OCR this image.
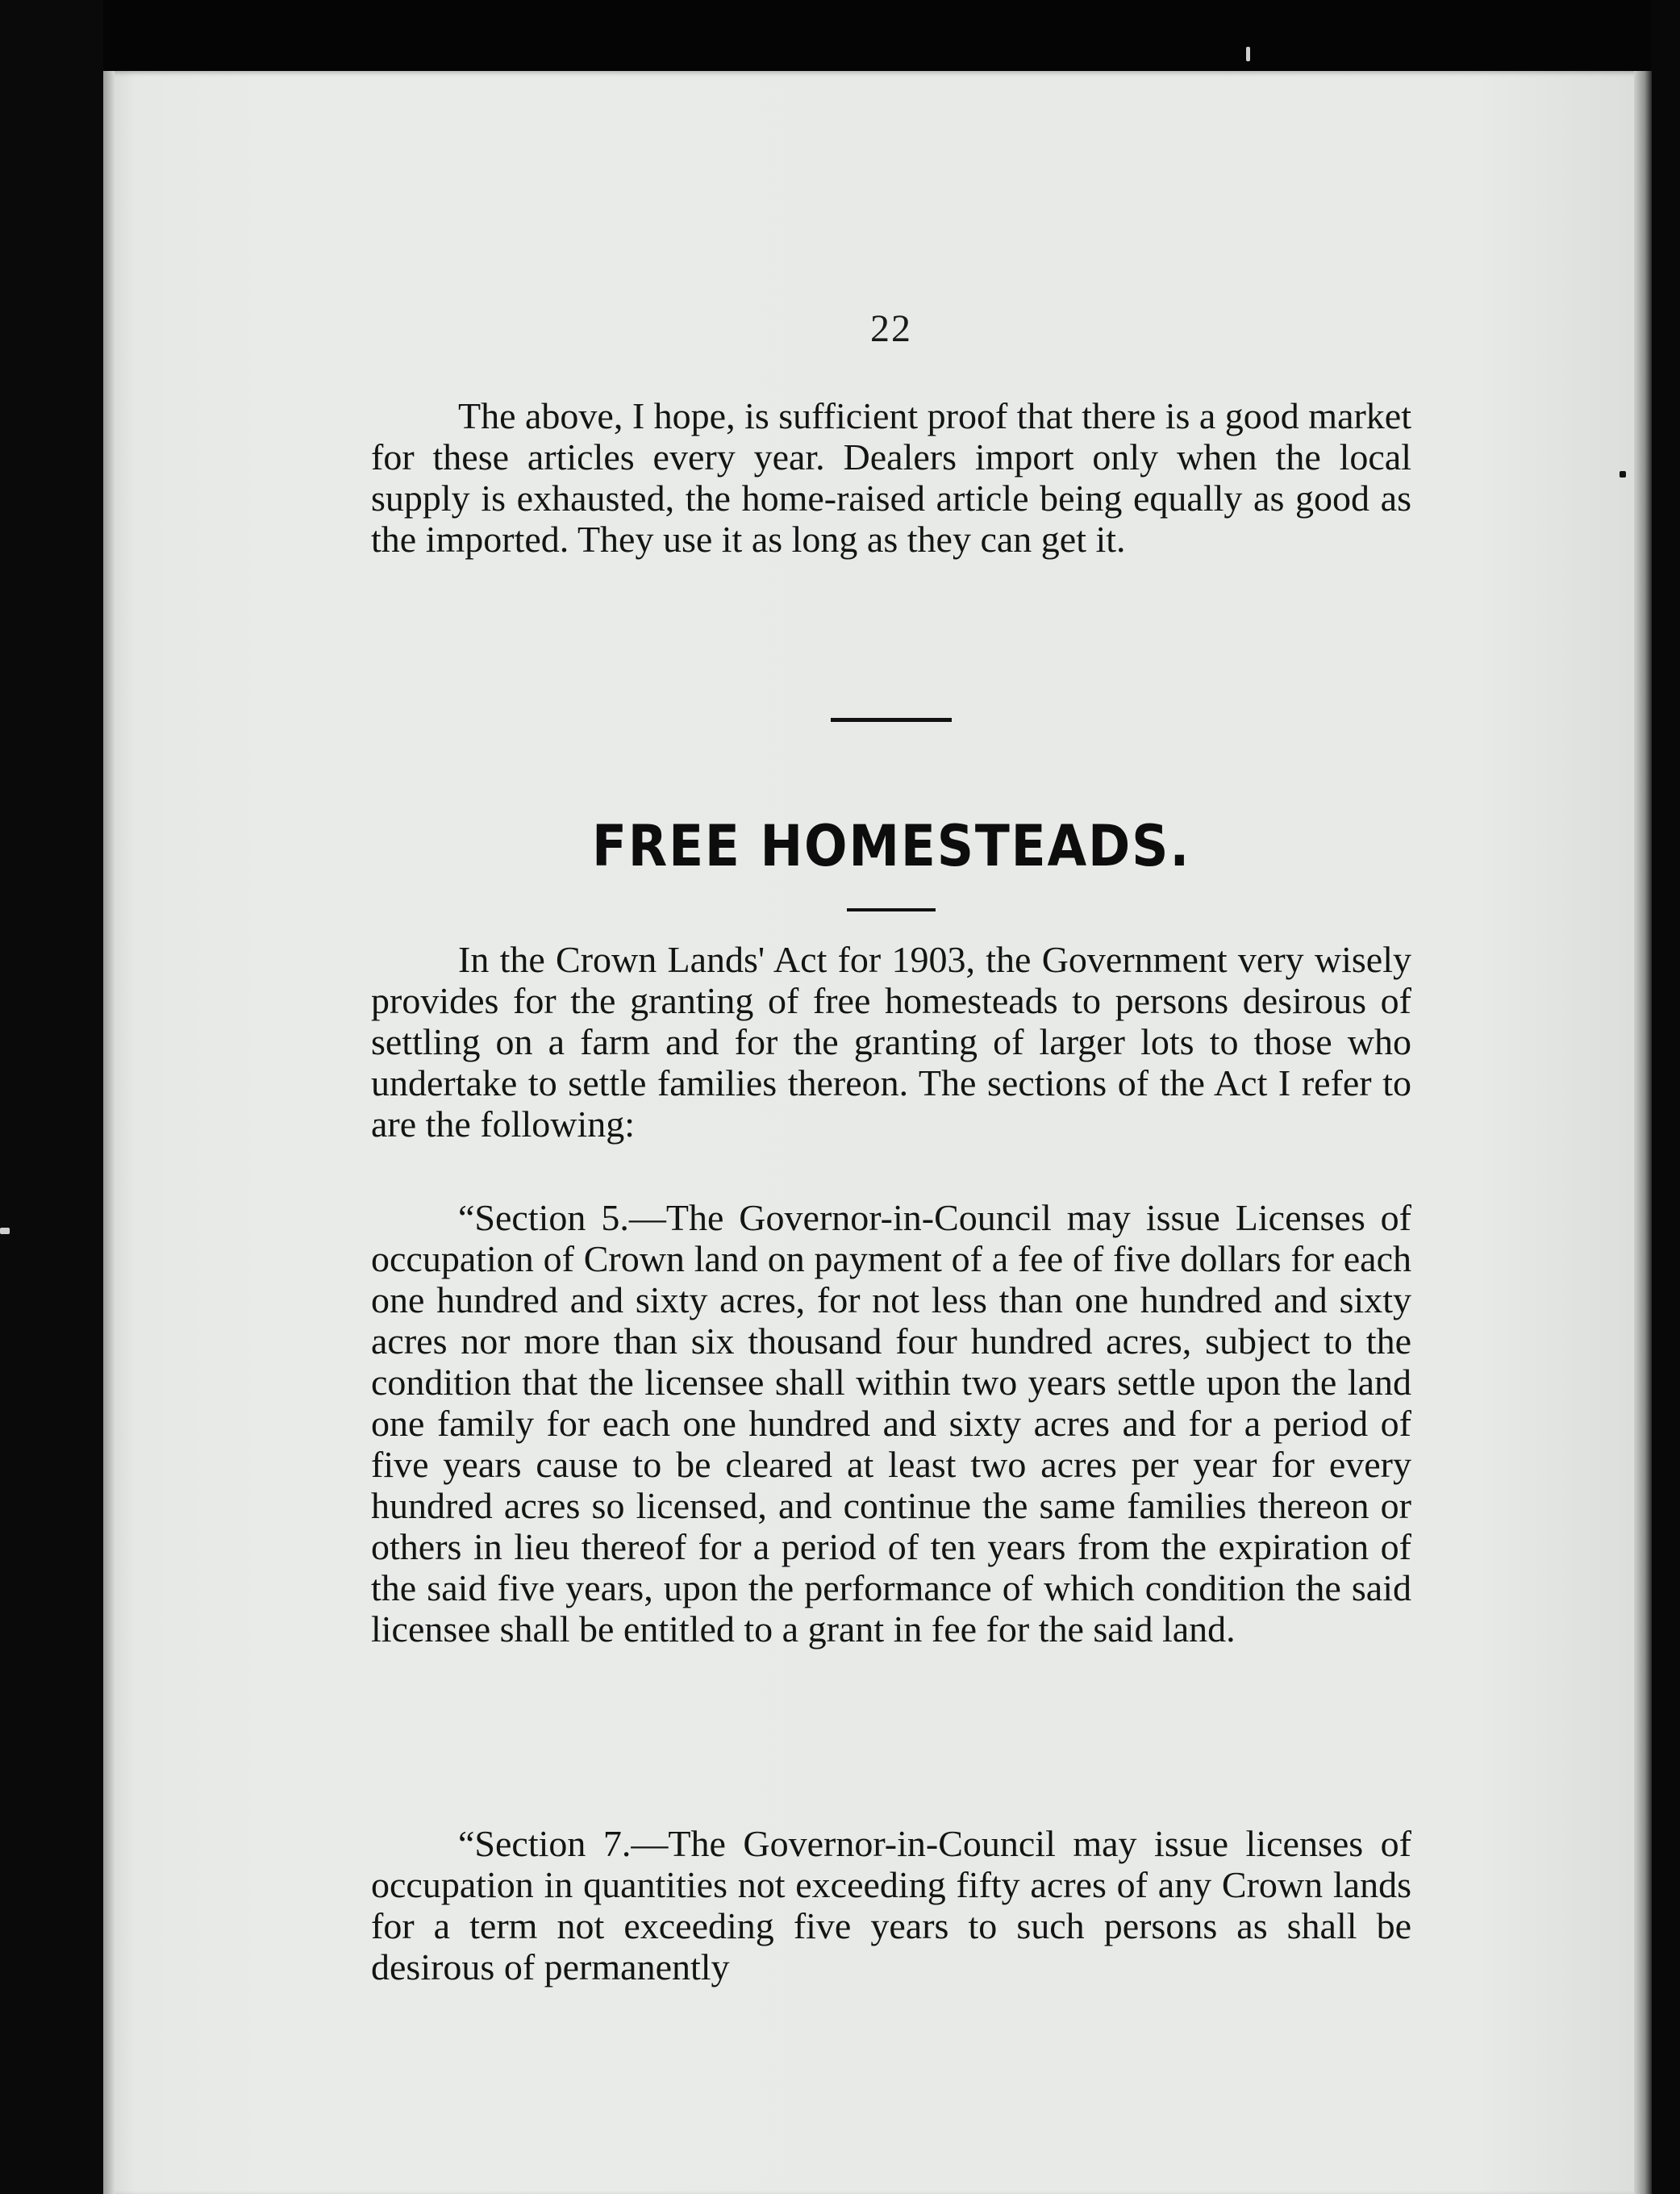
22

The above, I hope, is sufficient proof that there is a good market for these articles every year. Dealers import only when the local supply is exhausted, the home-raised article being equally as good as the imported. They use it as long as they can get it.

FREE HOMESTEADS.

In the Crown Lands' Act for 1903, the Government very wisely provides for the granting of free homesteads to persons desirous of settling on a farm and for the granting of larger lots to those who undertake to settle families thereon. The sections of the Act I refer to are the following:

“Section 5.—The Governor-in-Council may issue Licenses of occupation of Crown land on payment of a fee of five dollars for each one hundred and sixty acres, for not less than one hundred and sixty acres nor more than six thousand four hundred acres, subject to the condition that the licensee shall within two years settle upon the land one family for each one hundred and sixty acres and for a period of five years cause to be cleared at least two acres per year for every hundred acres so licensed, and continue the same families thereon or others in lieu thereof for a period of ten years from the expiration of the said five years, upon the performance of which condition the said licensee shall be entitled to a grant in fee for the said land.

“Section 7.—The Governor-in-Council may issue licenses of occupation in quantities not exceeding fifty acres of any Crown lands for a term not exceeding five years to such persons as shall be desirous of permanently
